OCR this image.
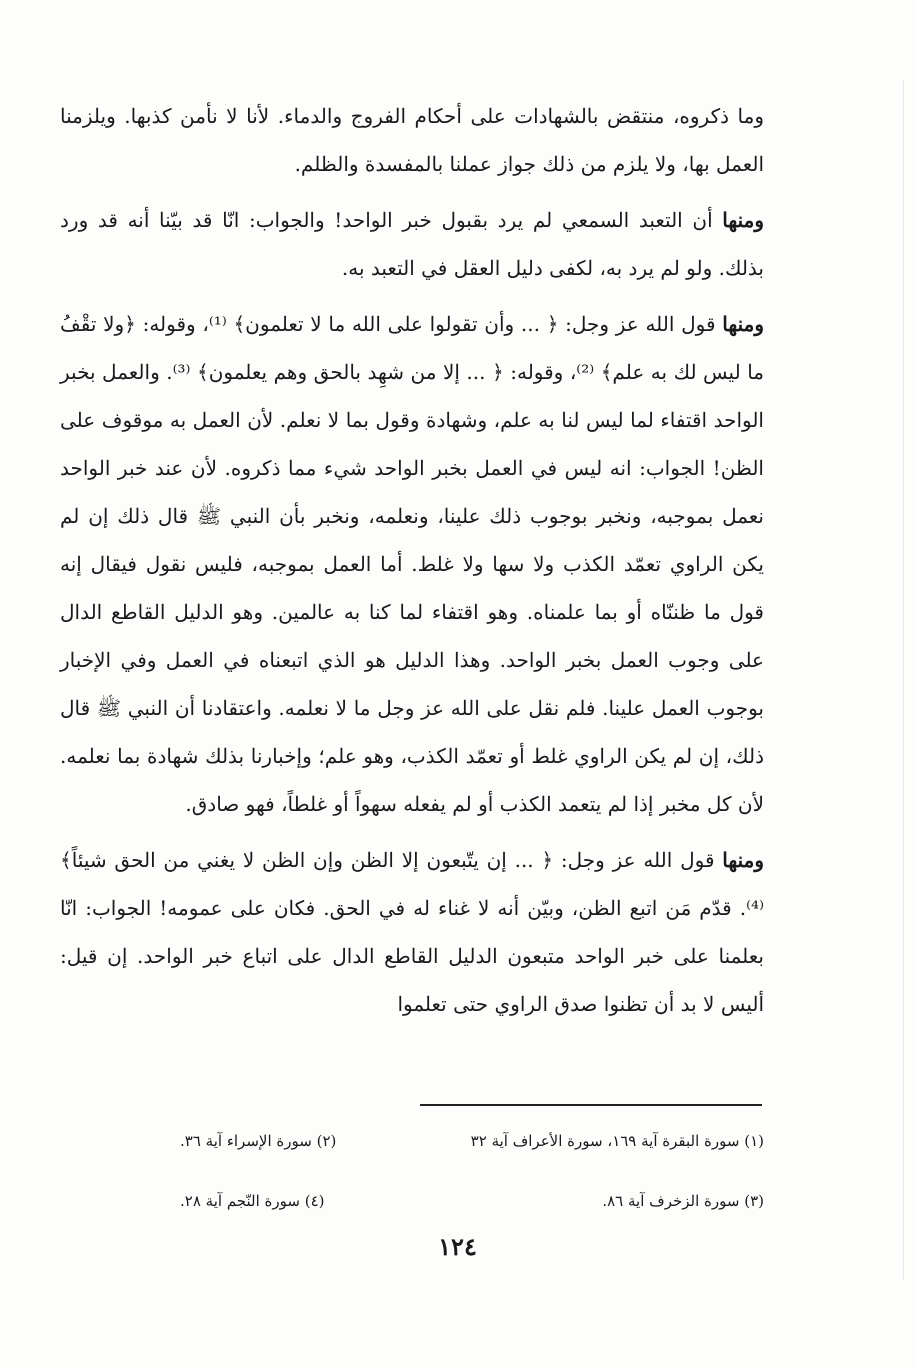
وما ذكروه، منتقض بالشهادات على أحكام الفروج والدماء. لأنا لا نأمن كذبها. ويلزمنا العمل بها، ولا يلزم من ذلك جواز عملنا بالمفسدة والظلم.

ومنها أن التعبد السمعي لم يرد بقبول خبر الواحد! والجواب: انّا قد بيّنا أنه قد ورد بذلك. ولو لم يرد به، لكفى دليل العقل في التعبد به.

ومنها قول الله عز وجل: ﴿ ... وأن تقولوا على الله ما لا تعلمون﴾ ⁽¹⁾، وقوله: ﴿ولا تقْفُ ما ليس لك به علم﴾ ⁽²⁾، وقوله: ﴿ ... إلا من شهِد بالحق وهم يعلمون﴾ ⁽³⁾. والعمل بخبر الواحد اقتفاء لما ليس لنا به علم، وشهادة وقول بما لا نعلم. لأن العمل به موقوف على الظن! الجواب: انه ليس في العمل بخبر الواحد شيء مما ذكروه. لأن عند خبر الواحد نعمل بموجبه، ونخبر بوجوب ذلك علينا، ونعلمه، ونخبر بأن النبي ﷺ قال ذلك إن لم يكن الراوي تعمّد الكذب ولا سها ولا غلط. أما العمل بموجبه، فليس نقول فيقال إنه قول ما ظننّاه أو بما علمناه. وهو اقتفاء لما كنا به عالمين. وهو الدليل القاطع الدال على وجوب العمل بخبر الواحد. وهذا الدليل هو الذي اتبعناه في العمل وفي الإخبار بوجوب العمل علينا. فلم نقل على الله عز وجل ما لا نعلمه. واعتقادنا أن النبي ﷺ قال ذلك، إن لم يكن الراوي غلط أو تعمّد الكذب، وهو علم؛ وإخبارنا بذلك شهادة بما نعلمه. لأن كل مخبر إذا لم يتعمد الكذب أو لم يفعله سهواً أو غلطاً، فهو صادق.

ومنها قول الله عز وجل: ﴿ ... إن يتّبعون إلا الظن وإن الظن لا يغني من الحق شيئاً﴾ ⁽⁴⁾. قدّم مَن اتبع الظن، وبيّن أنه لا غناء له في الحق. فكان على عمومه! الجواب: انّا بعلمنا على خبر الواحد متبعون الدليل القاطع الدال على اتباع خبر الواحد. إن قيل: أليس لا بد أن تظنوا صدق الراوي حتى تعلموا

(١) سورة البقرة آية ١٦٩، سورة الأعراف آية ٣٢
(٢) سورة الإسراء آية ٣٦.
(٣) سورة الزخرف آية ٨٦.
(٤) سورة النّجم آية ٢٨.
١٢٤
